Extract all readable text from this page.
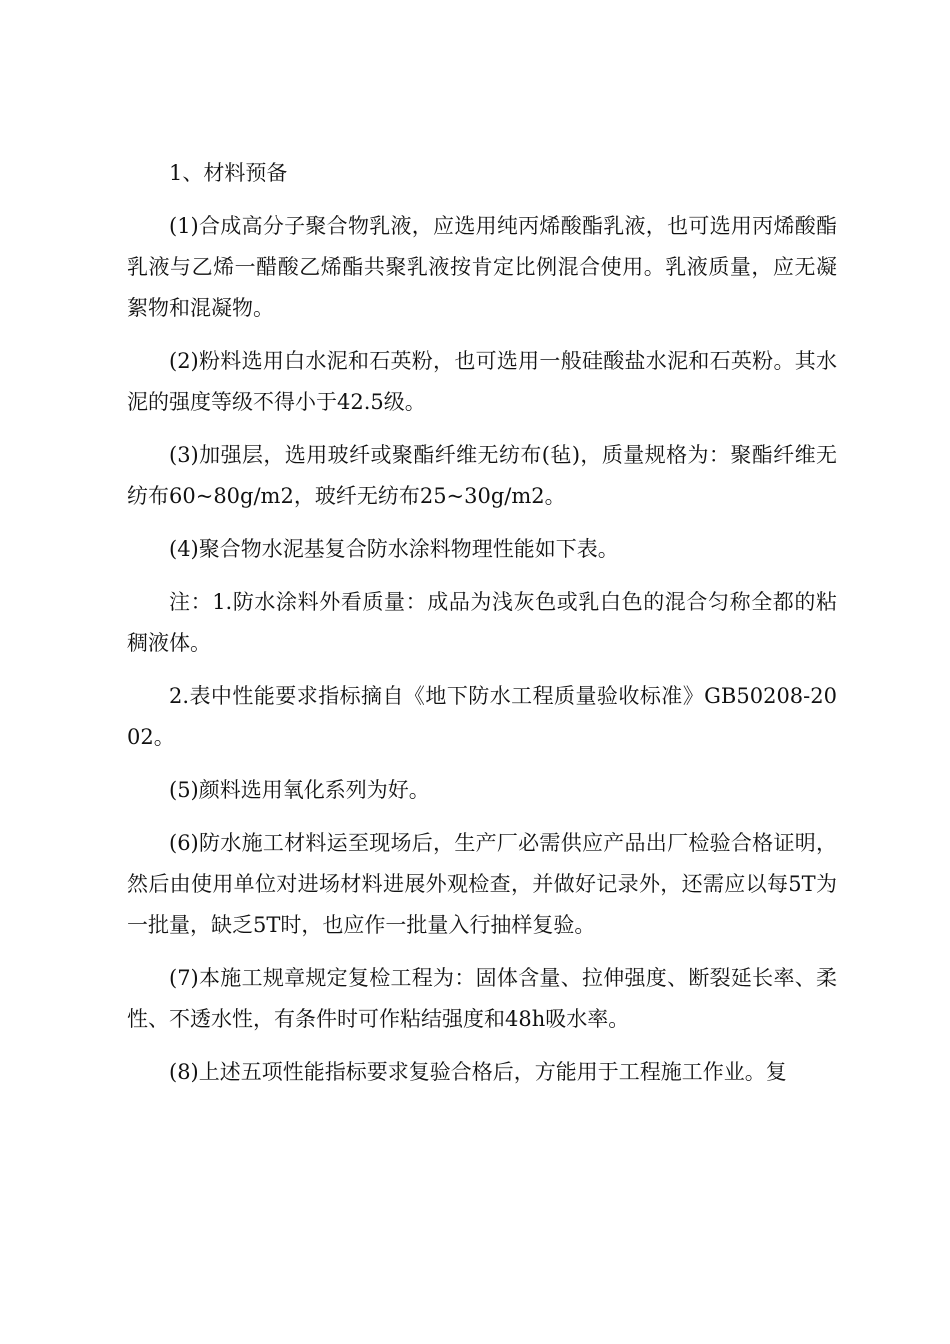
1、材料预备

(1)合成高分子聚合物乳液，应选用纯丙烯酸酯乳液，也可选用丙烯酸酯乳液与乙烯一醋酸乙烯酯共聚乳液按肯定比例混合使用。乳液质量，应无凝絮物和混凝物。

(2)粉料选用白水泥和石英粉，也可选用一般硅酸盐水泥和石英粉。其水泥的强度等级不得小于42.5级。

(3)加强层，选用玻纤或聚酯纤维无纺布(毡)，质量规格为：聚酯纤维无纺布60~80g/m2，玻纤无纺布25~30g/m2。

(4)聚合物水泥基复合防水涂料物理性能如下表。

注：1.防水涂料外看质量：成品为浅灰色或乳白色的混合匀称全都的粘稠液体。

2.表中性能要求指标摘自《地下防水工程质量验收标准》GB50208-2002。

(5)颜料选用氧化系列为好。

(6)防水施工材料运至现场后，生产厂必需供应产品出厂检验合格证明，然后由使用单位对进场材料进展外观检查，并做好记录外，还需应以每5T为一批量，缺乏5T时，也应作一批量入行抽样复验。

(7)本施工规章规定复检工程为：固体含量、拉伸强度、断裂延长率、柔性、不透水性，有条件时可作粘结强度和48h吸水率。

(8)上述五项性能指标要求复验合格后，方能用于工程施工作业。复
